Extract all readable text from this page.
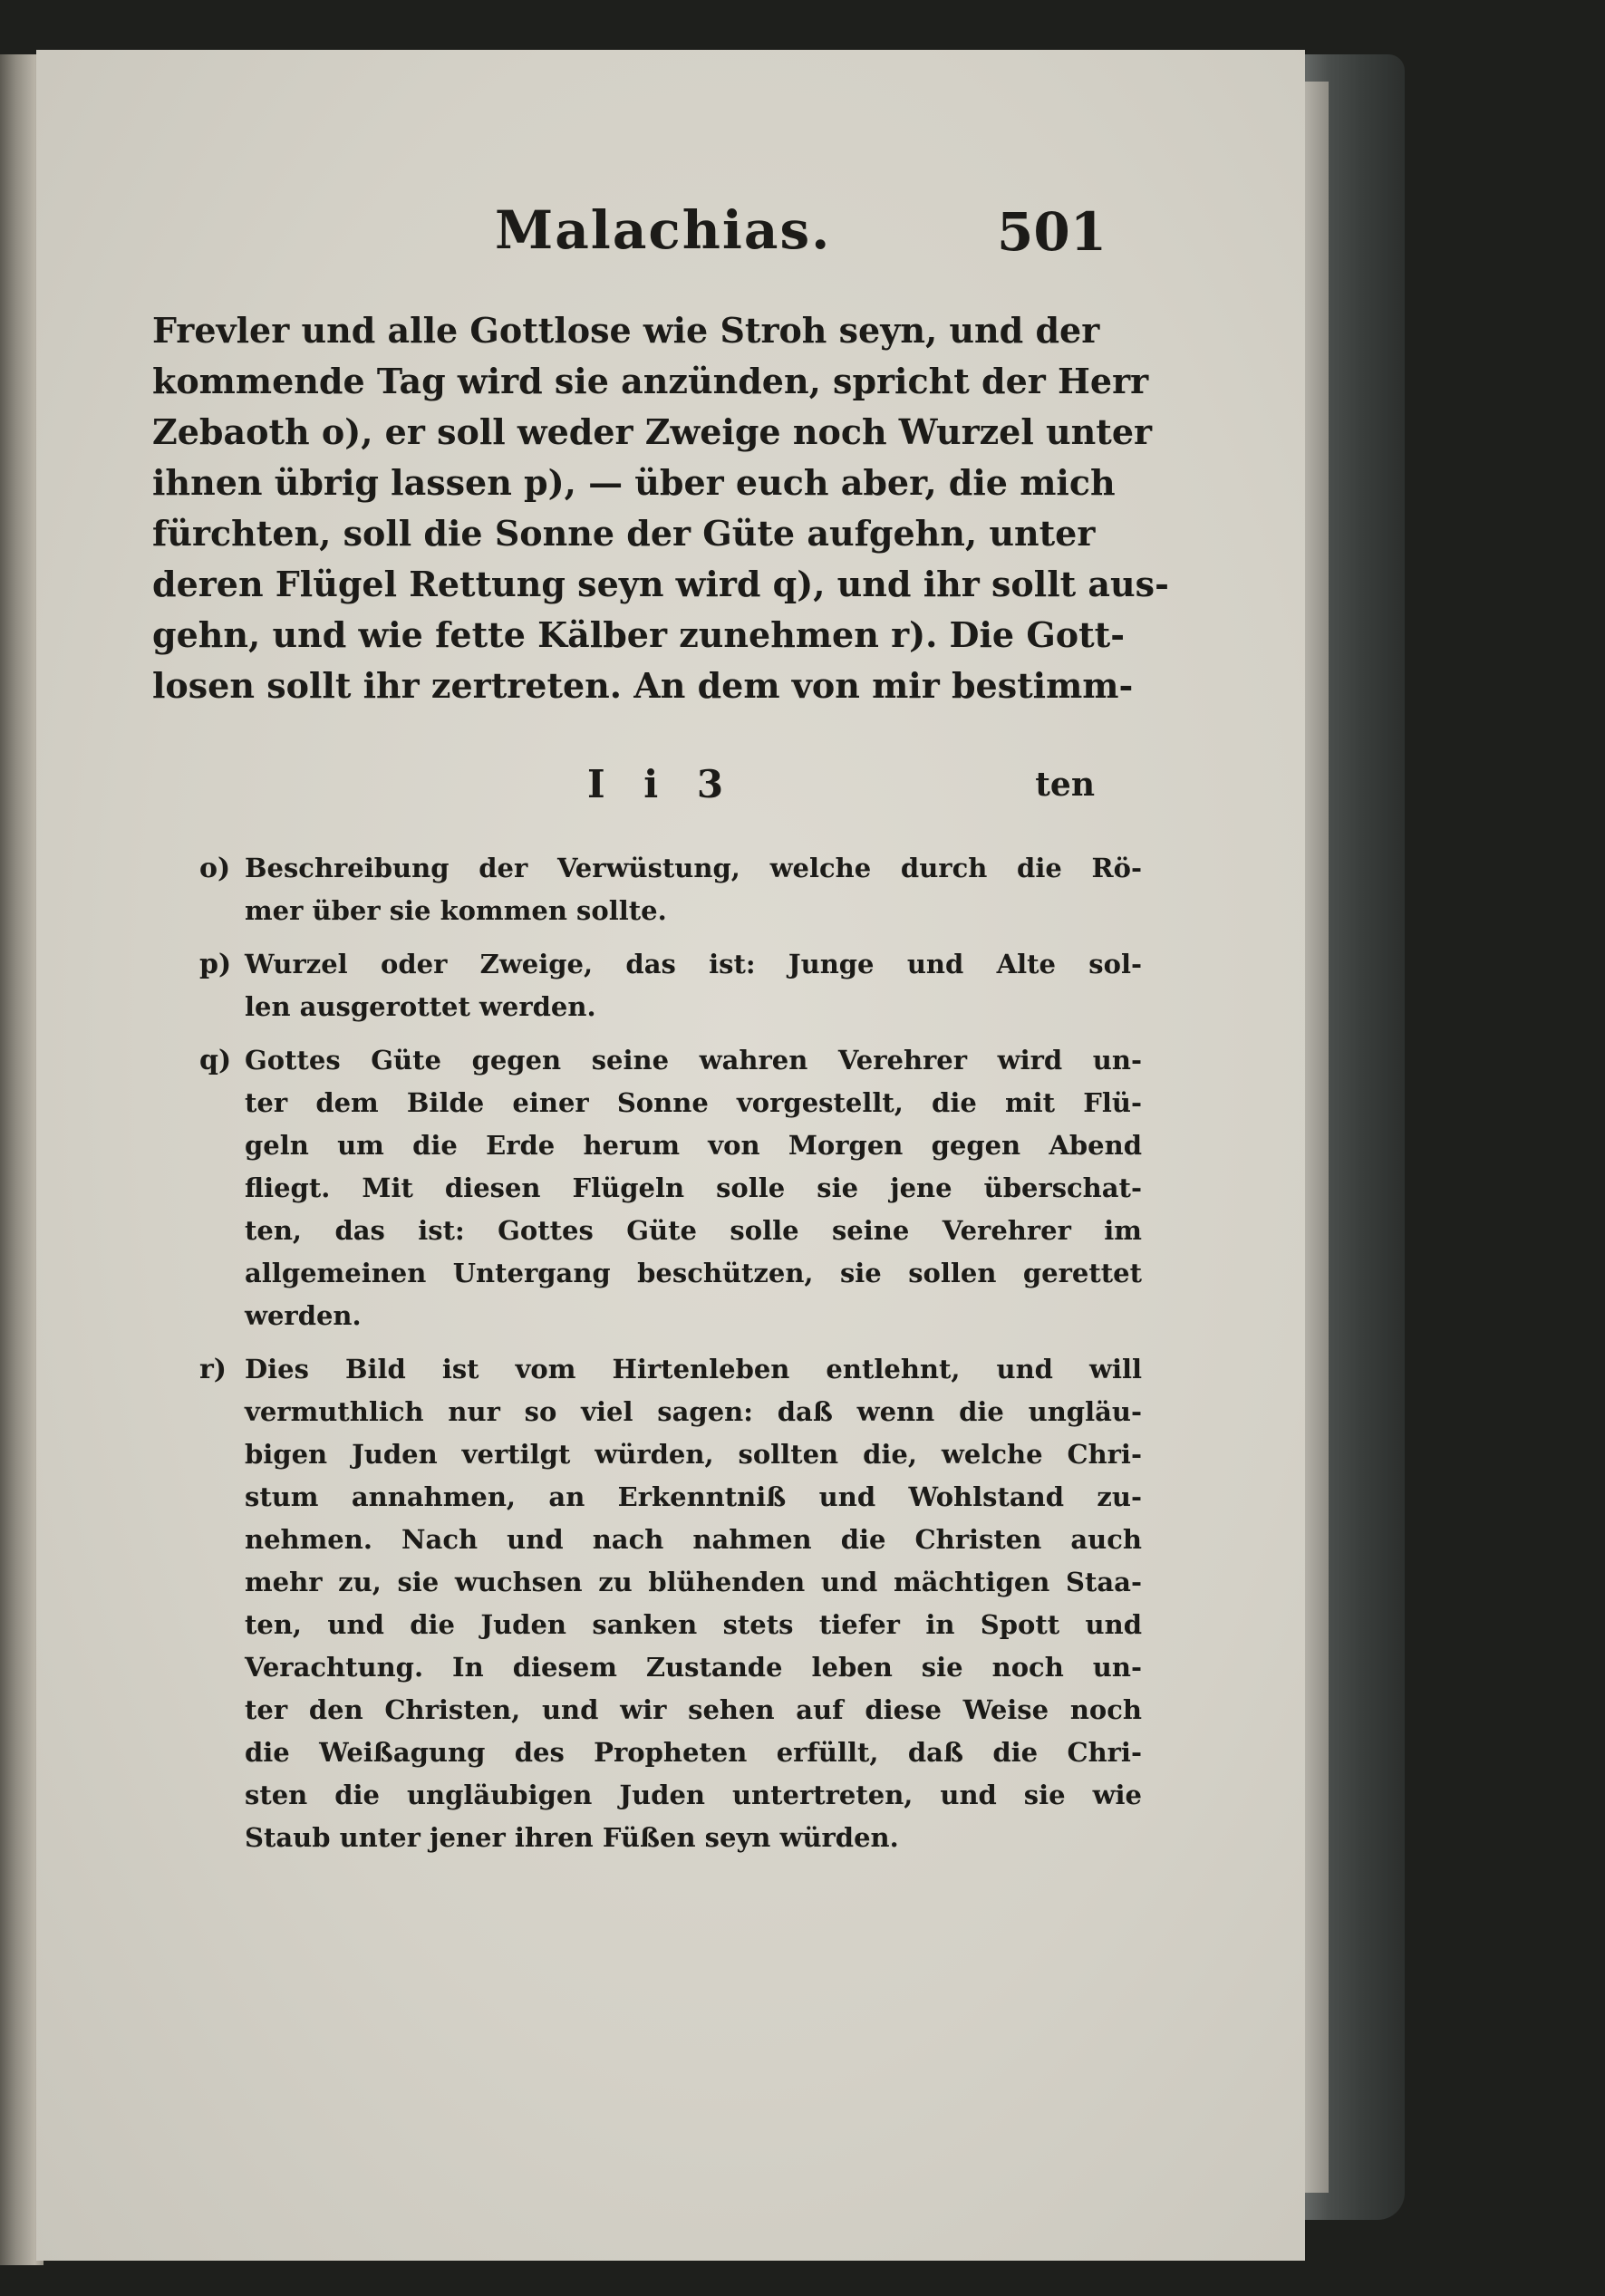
Malachias.	501
Frevler und alle Gottlose wie Stroh seyn, und der
kommende Tag wird sie anzünden, spricht der Herr
Zebaoth o), er soll weder Zweige noch Wurzel unter
ihnen übrig lassen p), — über euch aber, die mich
fürchten, soll die Sonne der Güte aufgehn, unter
deren Flügel Rettung seyn wird q), und ihr sollt aus-
gehn, und wie fette Kälber zunehmen r). Die Gott-
losen sollt ihr zertreten. An dem von mir bestimm-
I i 3	ten
o) Beschreibung der Verwüstung, welche durch die Rö-
mer über sie kommen sollte.
p) Wurzel oder Zweige, das ist: Junge und Alte sol-
len ausgerottet werden.
q) Gottes Güte gegen seine wahren Verehrer wird un-
ter dem Bilde einer Sonne vorgestellt, die mit Flü-
geln um die Erde herum von Morgen gegen Abend
fliegt. Mit diesen Flügeln solle sie jene überschat-
ten, das ist: Gottes Güte solle seine Verehrer im
allgemeinen Untergang beschützen, sie sollen gerettet
werden.
r) Dies Bild ist vom Hirtenleben entlehnt, und will
vermuthlich nur so viel sagen: daß wenn die ungläu-
bigen Juden vertilgt würden, sollten die, welche Chri-
stum annahmen, an Erkenntniß und Wohlstand zu-
nehmen. Nach und nach nahmen die Christen auch
mehr zu, sie wuchsen zu blühenden und mächtigen Staa-
ten, und die Juden sanken stets tiefer in Spott und
Verachtung. In diesem Zustande leben sie noch un-
ter den Christen, und wir sehen auf diese Weise noch
die Weißagung des Propheten erfüllt, daß die Chri-
sten die ungläubigen Juden untertreten, und sie wie
Staub unter jener ihren Füßen seyn würden.
